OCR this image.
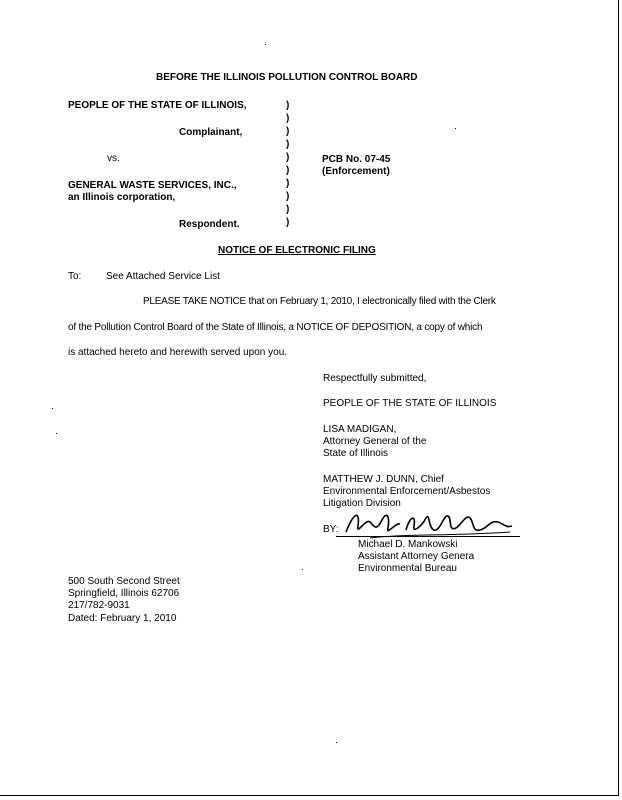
BEFORE THE ILLINOIS POLLUTION CONTROL BOARD
PEOPLE OF THE STATE OF ILLINOIS,
Complainant,
vs.	PCB No. 07-45
(Enforcement)
GENERAL WASTE SERVICES, INC.,
an Illinois corporation,
Respondent.
)
)
)
)
)
)
)
)
)
)
NOTICE OF ELECTRONIC FILING
To: See Attached Service List
PLEASE TAKE NOTICE that on February 1, 2010, I electronically filed with the Clerk
of the Pollution Control Board of the State of Illinois, a NOTICE OF DEPOSITION, a copy of which
is attached hereto and herewith served upon you.
Respectfully submitted,
PEOPLE OF THE STATE OF ILLINOIS
LISA MADIGAN,
Attorney General of the
State of Illinois
MATTHEW J. DUNN, Chief
Environmental Enforcement/Asbestos
Litigation Division
BY:
Michael D. Mankowski
Assistant Attorney Genera
Environmental Bureau
500 South Second Street
Springfield, Illinois 62706
217/782-9031
Dated: February 1, 2010
